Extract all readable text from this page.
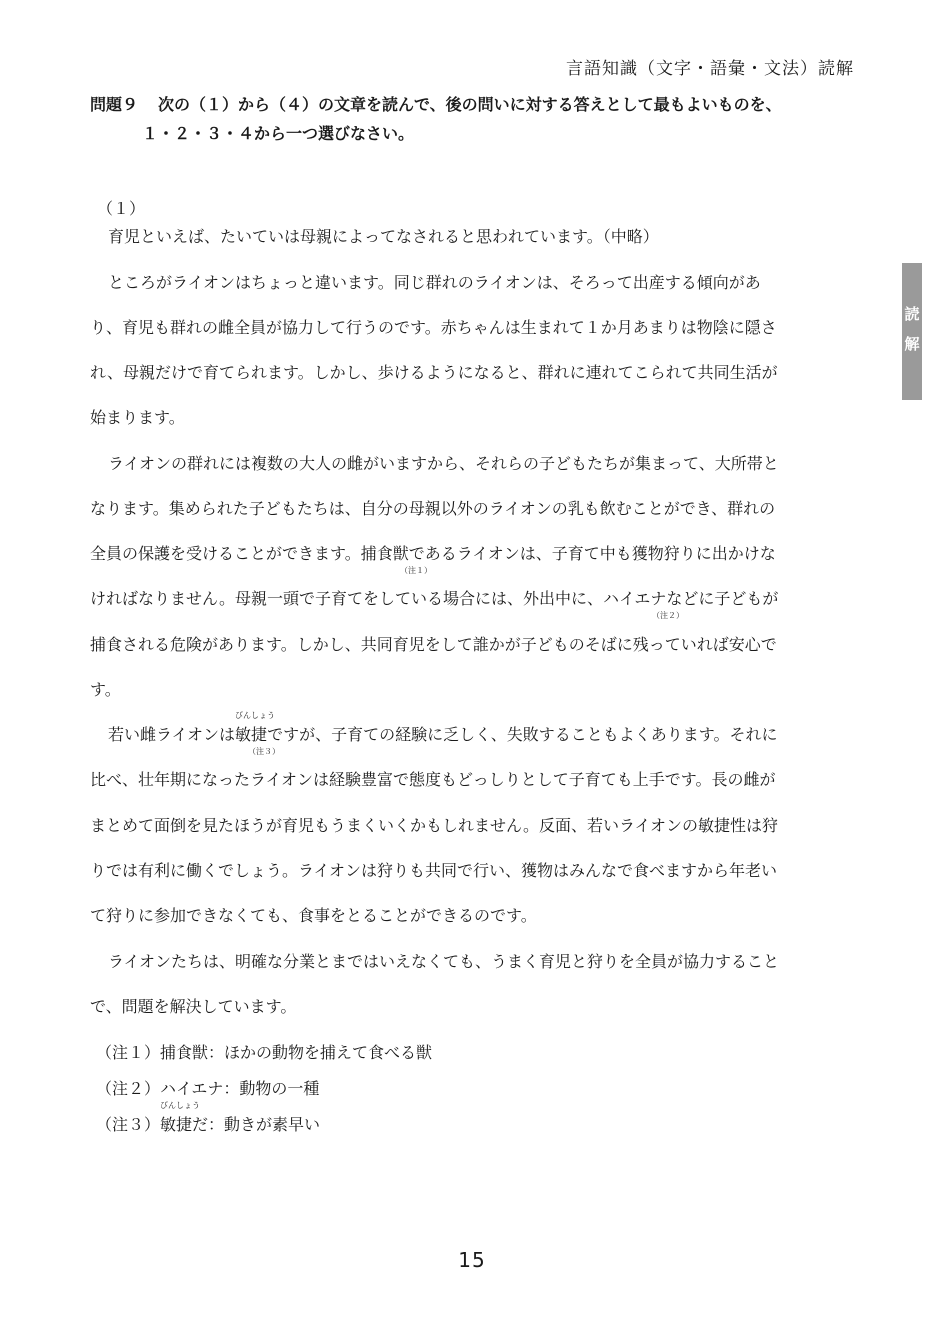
言語知識（文字・語彙・文法）読解
問題９	次の（１）から（４）の文章を読んで、後の問いに対する答えとして最もよいものを、
１・２・３・４から一つ選びなさい。
読
解
（１）
育児といえば、たいていは母親によってなされると思われています。（中略）
ところがライオンはちょっと違います。同じ群れのライオンは、そろって出産する傾向があ
り、育児も群れの雌全員が協力して行うのです。赤ちゃんは生まれて１か月あまりは物陰に隠さ
れ、母親だけで育てられます。しかし、歩けるようになると、群れに連れてこられて共同生活が
始まります。
ライオンの群れには複数の大人の雌がいますから、それらの子どもたちが集まって、大所帯と
なります。集められた子どもたちは、自分の母親以外のライオンの乳も飲むことができ、群れの
全員の保護を受けることができます。捕食獣であるライオンは、子育て中も獲物狩りに出かけな
（注１）
ければなりません。母親一頭で子育てをしている場合には、外出中に、ハイエナなどに子どもが
（注２）
捕食される危険があります。しかし、共同育児をして誰かが子どものそばに残っていれば安心で
す。
若い雌ライオンは
びんしょう
敏捷ですが、子育ての経験に乏しく、失敗することもよくあります。それに
（注３）
比べ、壮年期になったライオンは経験豊富で態度もどっしりとして子育ても上手です。長の雌が
まとめて面倒を見たほうが育児もうまくいくかもしれません。反面、若いライオンの敏捷性は狩
りでは有利に働くでしょう。ライオンは狩りも共同で行い、獲物はみんなで食べますから年老い
て狩りに参加できなくても、食事をとることができるのです。
ライオンたちは、明確な分業とまではいえなくても、うまく育児と狩りを全員が協力すること
で、問題を解決しています。
（注１）捕食獣：ほかの動物を捕えて食べる獣
（注２）ハイエナ：動物の一種
（注３）
びんしょう
敏捷だ：動きが素早い
15
